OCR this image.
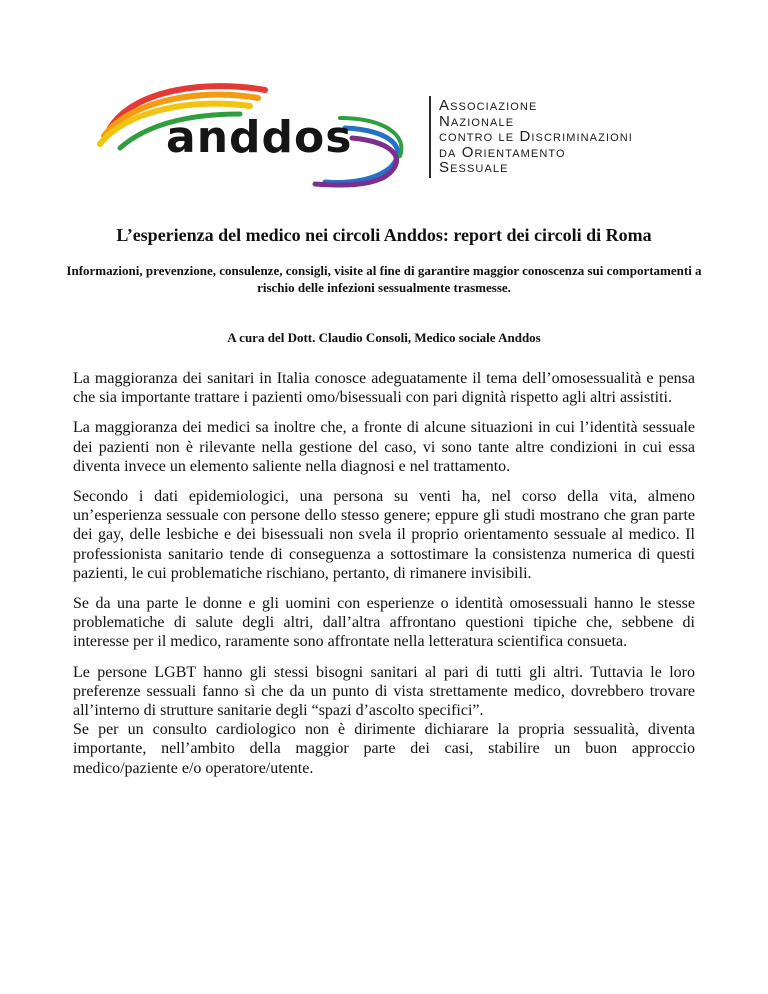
anddos
Associazione
Nazionale
contro le Discriminazioni
da Orientamento
Sessuale
L’esperienza del medico nei circoli Anddos: report dei circoli di Roma
Informazioni, prevenzione, consulenze, consigli, visite al fine di garantire maggior conoscenza sui comportamenti a rischio delle infezioni sessualmente trasmesse.
A cura del Dott. Claudio Consoli, Medico sociale Anddos

La maggioranza dei sanitari in Italia conosce adeguatamente il tema dell’omosessualità e pensa che sia importante trattare i pazienti omo/bisessuali con pari dignità rispetto agli altri assistiti.

La maggioranza dei medici sa inoltre che, a fronte di alcune situazioni in cui l’identità sessuale dei pazienti non è rilevante nella gestione del caso, vi sono tante altre condizioni in cui essa diventa invece un elemento saliente nella diagnosi e nel trattamento.

Secondo i dati epidemiologici, una persona su venti ha, nel corso della vita, almeno un’esperienza sessuale con persone dello stesso genere; eppure gli studi mostrano che gran parte dei gay, delle lesbiche e dei bisessuali non svela il proprio orientamento sessuale al medico. Il professionista sanitario tende di conseguenza a sottostimare la consistenza numerica di questi pazienti, le cui problematiche rischiano, pertanto, di rimanere invisibili.

Se da una parte le donne e gli uomini con esperienze o identità omosessuali hanno le stesse problematiche di salute degli altri, dall’altra affrontano questioni tipiche che, sebbene di interesse per il medico, raramente sono affrontate nella letteratura scientifica consueta.

Le persone LGBT hanno gli stessi bisogni sanitari al pari di tutti gli altri. Tuttavia le loro preferenze sessuali fanno sì che da un punto di vista strettamente medico, dovrebbero trovare all’interno di strutture sanitarie degli “spazi d’ascolto specifici”.

Se per un consulto cardiologico non è dirimente dichiarare la propria sessualità, diventa importante, nell’ambito della maggior parte dei casi, stabilire un buon approccio medico/paziente e/o operatore/utente.
